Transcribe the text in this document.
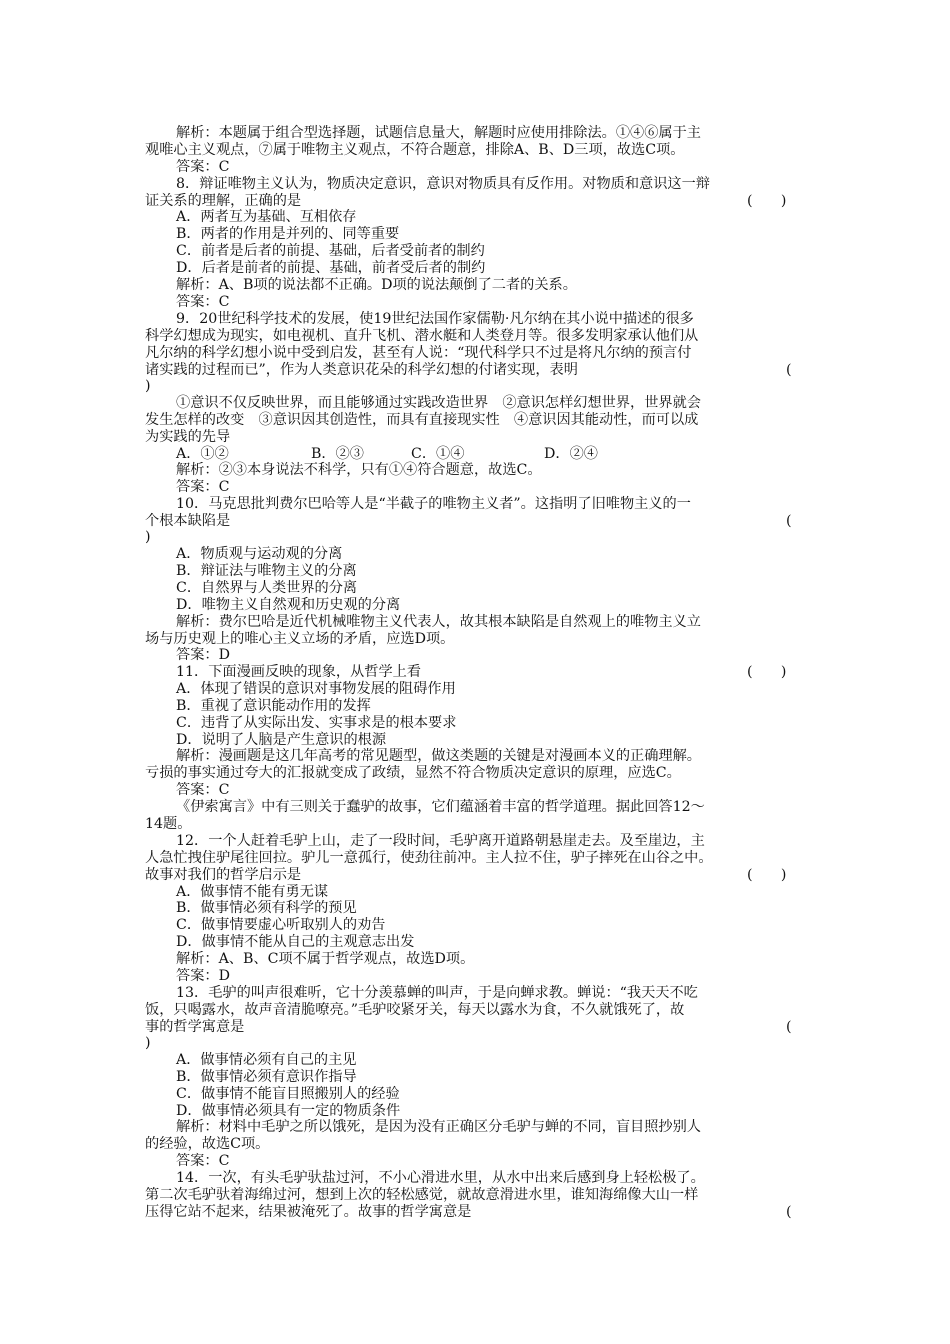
解析：本题属于组合型选择题，试题信息量大，解题时应使用排除法。①④⑥属于主
观唯心主义观点，⑦属于唯物主义观点，不符合题意，排除A、B、D三项，故选C项。
答案：C
8．辩证唯物主义认为，物质决定意识，意识对物质具有反作用。对物质和意识这一辩
证关系的理解，正确的是	(　　)
A．两者互为基础、互相依存
B．两者的作用是并列的、同等重要
C．前者是后者的前提、基础，后者受前者的制约
D．后者是前者的前提、基础，前者受后者的制约
解析：A、B项的说法都不正确。D项的说法颠倒了二者的关系。
答案：C
9．20世纪科学技术的发展，使19世纪法国作家儒勒·凡尔纳在其小说中描述的很多
科学幻想成为现实，如电视机、直升飞机、潜水艇和人类登月等。很多发明家承认他们从
凡尔纳的科学幻想小说中受到启发，甚至有人说：“现代科学只不过是将凡尔纳的预言付
诸实践的过程而已”，作为人类意识花朵的科学幻想的付诸实现，表明	(
)
①意识不仅反映世界，而且能够通过实践改造世界　②意识怎样幻想世界，世界就会
发生怎样的改变　③意识因其创造性，而具有直接现实性　④意识因其能动性，而可以成
为实践的先导
解析：②③本身说法不科学，只有①④符合题意，故选C。
答案：C
10．马克思批判费尔巴哈等人是“半截子的唯物主义者”。这指明了旧唯物主义的一
个根本缺陷是	(
)
A．物质观与运动观的分离
B．辩证法与唯物主义的分离
C．自然界与人类世界的分离
D．唯物主义自然观和历史观的分离
解析：费尔巴哈是近代机械唯物主义代表人，故其根本缺陷是自然观上的唯物主义立
场与历史观上的唯心主义立场的矛盾，应选D项。
答案：D
11．下面漫画反映的现象，从哲学上看	(　　)
A．体现了错误的意识对事物发展的阻碍作用
B．重视了意识能动作用的发挥
C．违背了从实际出发、实事求是的根本要求
D．说明了人脑是产生意识的根源
解析：漫画题是这几年高考的常见题型，做这类题的关键是对漫画本义的正确理解。
亏损的事实通过夸大的汇报就变成了政绩，显然不符合物质决定意识的原理，应选C。
答案：C
《伊索寓言》中有三则关于蠢驴的故事，它们蕴涵着丰富的哲学道理。据此回答12～
14题。
12．一个人赶着毛驴上山，走了一段时间，毛驴离开道路朝悬崖走去。及至崖边，主
人急忙拽住驴尾往回拉。驴儿一意孤行，使劲往前冲。主人拉不住，驴子摔死在山谷之中。
故事对我们的哲学启示是	(　　)
A．做事情不能有勇无谋
B．做事情必须有科学的预见
C．做事情要虚心听取别人的劝告
D．做事情不能从自己的主观意志出发
解析：A、B、C项不属于哲学观点，故选D项。
答案：D
13．毛驴的叫声很难听，它十分羡慕蝉的叫声，于是向蝉求教。蝉说：“我天天不吃
饭，只喝露水，故声音清脆嘹亮。”毛驴咬紧牙关，每天以露水为食，不久就饿死了，故
事的哲学寓意是	(
)
A．做事情必须有自己的主见
B．做事情必须有意识作指导
C．做事情不能盲目照搬别人的经验
D．做事情必须具有一定的物质条件
解析：材料中毛驴之所以饿死，是因为没有正确区分毛驴与蝉的不同，盲目照抄别人
的经验，故选C项。
答案：C
14．一次，有头毛驴驮盐过河，不小心滑进水里，从水中出来后感到身上轻松极了。
第二次毛驴驮着海绵过河，想到上次的轻松感觉，就故意滑进水里，谁知海绵像大山一样
压得它站不起来，结果被淹死了。故事的哲学寓意是	(
A．①②	B．②③	C．①④	D．②④
